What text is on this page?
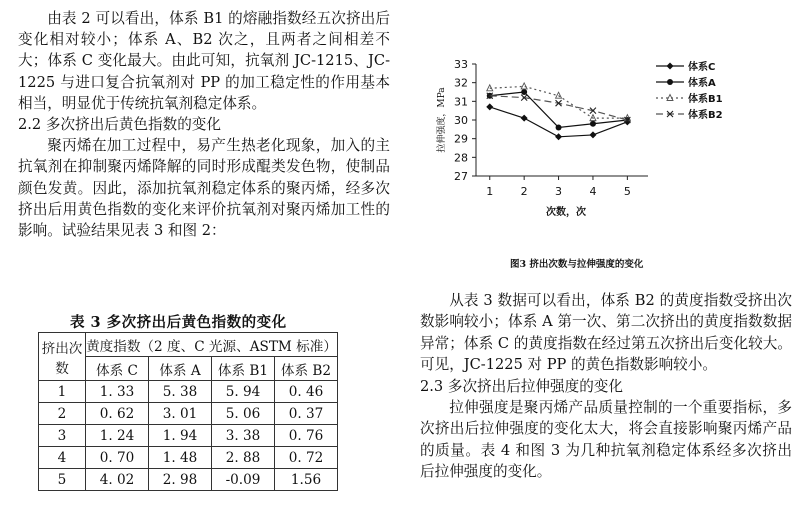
由表 2 可以看出，体系 B1 的熔融指数经五次挤出后变化相对较小；体系 A、B2 次之，且两者之间相差不大；体系 C 变化最大。由此可知，抗氧剂 JC-1215、JC-1225 与进口复合抗氧剂对 PP 的加工稳定性的作用基本相当，明显优于传统抗氧剂稳定体系。

2.2 多次挤出后黄色指数的变化

聚丙烯在加工过程中，易产生热老化现象，加入的主抗氧剂在抑制聚丙烯降解的同时形成醌类发色物，使制品颜色发黄。因此，添加抗氧剂稳定体系的聚丙烯，经多次挤出后用黄色指数的变化来评价抗氧剂对聚丙烯加工性的影响。试验结果见表 3 和图 2：

表 3 多次挤出后黄色指数的变化
挤出次数	黄度指数（2 度、C 光源、ASTM 标准）			
	体系 C	体系 A	体系 B1	体系 B2
1	1. 33	5. 38	5. 94	0. 46
2	0. 62	3. 01	5. 06	0. 37
3	1. 24	1. 94	3. 38	0. 76
4	0. 70	1. 48	2. 88	0. 72
5	4. 02	2. 98	-0.09	1.56
拉伸强度，MPa
次数，次
27
28
29
30
31
32
33
1 2 3 4 5
体系C
体系A
体系B1
体系B2
图3 挤出次数与拉伸强度的变化

从表 3 数据可以看出，体系 B2 的黄度指数受挤出次数影响较小；体系 A 第一次、第二次挤出的黄度指数数据异常；体系 C 的黄度指数在经过第五次挤出后变化较大。可见，JC-1225 对 PP 的黄色指数影响较小。

2.3 多次挤出后拉伸强度的变化

拉伸强度是聚丙烯产品质量控制的一个重要指标，多次挤出后拉伸强度的变化太大，将会直接影响聚丙烯产品的质量。表 4 和图 3 为几种抗氧剂稳定体系经多次挤出后拉伸强度的变化。
